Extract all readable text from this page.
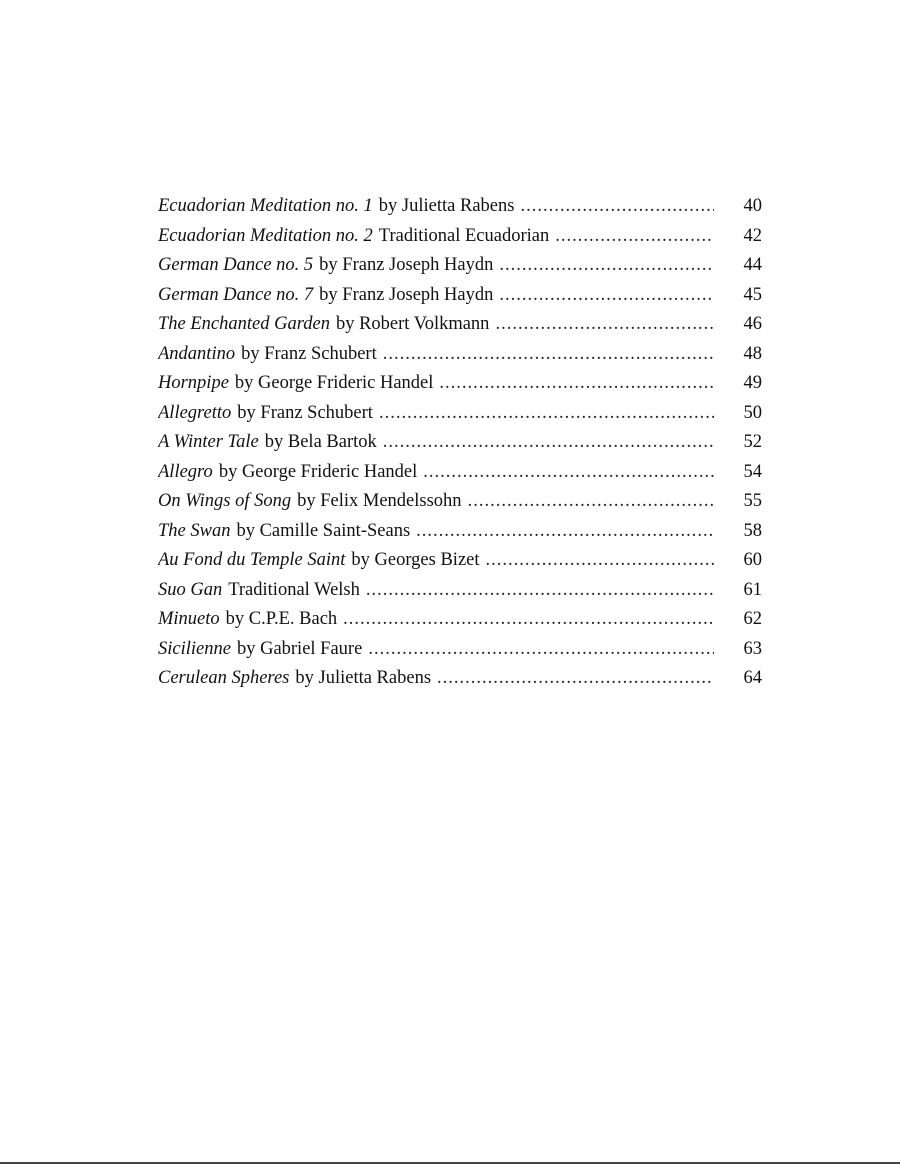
Ecuadorian Meditation no. 1 by Julietta Rabens .....	40
Ecuadorian Meditation no. 2 Traditional Ecuadorian .....	42
German Dance no. 5 by Franz Joseph Haydn .....	44
German Dance no. 7 by Franz Joseph Haydn .....	45
The Enchanted Garden by Robert Volkmann .....	46
Andantino by Franz Schubert .....	48
Hornpipe by George Frideric Handel .....	49
Allegretto by Franz Schubert .....	50
A Winter Tale by Bela Bartok .....	52
Allegro by George Frideric Handel .....	54
On Wings of Song by Felix Mendelssohn .....	55
The Swan by Camille Saint-Seans .....	58
Au Fond du Temple Saint by Georges Bizet .....	60
Suo Gan Traditional Welsh .....	61
Minueto by C.P.E. Bach .....	62
Sicilienne by Gabriel Faure .....	63
Cerulean Spheres by Julietta Rabens .....	64
